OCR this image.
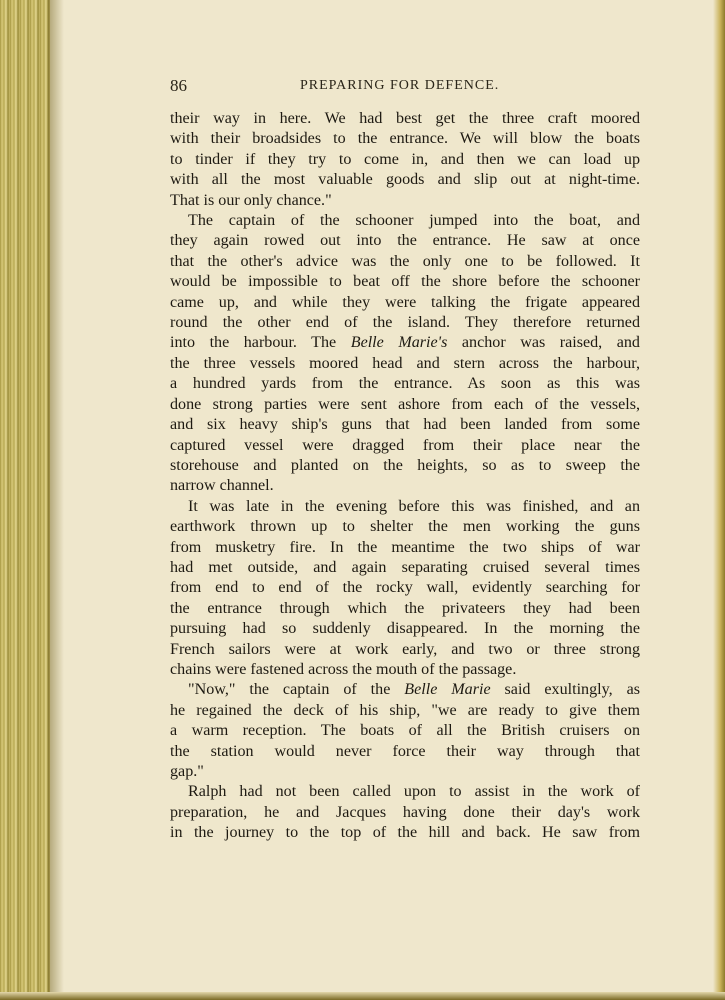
86	PREPARING FOR DEFENCE.
their way in here. We had best get the three craft moored
with their broadsides to the entrance. We will blow the boats
to tinder if they try to come in, and then we can load up
with all the most valuable goods and slip out at night-time.
That is our only chance."
The captain of the schooner jumped into the boat, and
they again rowed out into the entrance. He saw at once
that the other's advice was the only one to be followed. It
would be impossible to beat off the shore before the schooner
came up, and while they were talking the frigate appeared
round the other end of the island. They therefore returned
into the harbour. The Belle Marie's anchor was raised, and
the three vessels moored head and stern across the harbour,
a hundred yards from the entrance. As soon as this was
done strong parties were sent ashore from each of the vessels,
and six heavy ship's guns that had been landed from some
captured vessel were dragged from their place near the
storehouse and planted on the heights, so as to sweep the
narrow channel.
It was late in the evening before this was finished, and an
earthwork thrown up to shelter the men working the guns
from musketry fire. In the meantime the two ships of war
had met outside, and again separating cruised several times
from end to end of the rocky wall, evidently searching for
the entrance through which the privateers they had been
pursuing had so suddenly disappeared. In the morning the
French sailors were at work early, and two or three strong
chains were fastened across the mouth of the passage.
"Now," the captain of the Belle Marie said exultingly, as
he regained the deck of his ship, "we are ready to give them
a warm reception. The boats of all the British cruisers on
the station would never force their way through that
gap."
Ralph had not been called upon to assist in the work of
preparation, he and Jacques having done their day's work
in the journey to the top of the hill and back. He saw from
